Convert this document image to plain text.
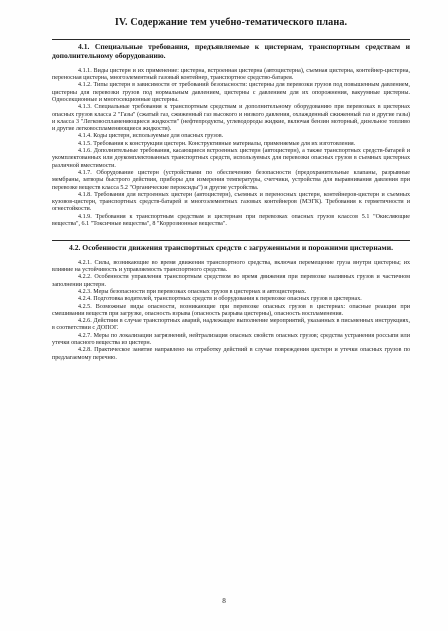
IV. Содержание тем учебно-тематического плана.

4.1. Специальные требования, предъявляемые к цистернам, транспортным средствам и дополнительному оборудованию.

4.1.1. Виды цистерн и их применение: цистерна, встроенная цистерна (автоцистерна), съемная цистерна, контейнер-цистерна, переносная цистерна, многоэлементный газовый контейнер, транспортное средство-батарея.

4.1.2. Типы цистерн в зависимости от требований безопасности: цистерны для перевозки грузов под повышенным давлением, цистерны для перевозки грузов под нормальным давлением, цистерны с давлением для их опорожнения, вакуумные цистерны. Односекционные и многосекционные цистерны.

4.1.3. Специальные требования к транспортным средствам и дополнительному оборудованию при перевозках в цистернах опасных грузов класса 2 "Газы" (сжатый газ, сжиженный газ высокого и низкого давления, охлажденный сжиженный газ и другие газы) и класса 3 "Легковоспламеняющиеся жидкости" (нефтепродукты, углеводороды жидкие, включая бензин моторный, дизельное топливо и другие легковоспламеняющиеся жидкости).

4.1.4. Коды цистерн, используемые для опасных грузов.

4.1.5. Требования к конструкции цистерн. Конструктивные материалы, применяемые для их изготовления.

4.1.6. Дополнительные требования, касающиеся встроенных цистерн (автоцистерн), а также транспортных средств-батарей и укомплектованных или доукомплектованных транспортных средств, используемых для перевозки опасных грузов в съемных цистернах различной вместимости.

4.1.7. Оборудование цистерн (устройствами по обеспечению безопасности (предохранительные клапаны, разрывные мембраны, затворы быстрого действия, приборы для измерения температуры, счетчики, устройства для выравнивания давления при перевозке веществ класса 5.2 "Органические пероксиды") и другие устройства.

4.1.8. Требования для встроенных цистерн (автоцистерн), съемных и переносных цистерн, контейнеров-цистерн и съемных кузовов-цистерн, транспортных средств-батарей и многоэлементных газовых контейнеров (МЭГК). Требования к герметичности и огнестойкости.

4.1.9. Требования к транспортным средствам и цистернам при перевозках опасных грузов классов 5.1 "Окисляющие вещества", 6.1 "Токсичные вещества", 8 "Коррозионные вещества".

4.2. Особенности движения транспортных средств с загруженными и порожними цистернами.

4.2.1. Силы, возникающие во время движения транспортного средства, включая перемещение груза внутри цистерны; их влияние на устойчивость и управляемость транспортного средства.

4.2.2. Особенности управления транспортным средством во время движения при перевозке наливных грузов и частичном заполнении цистерн.

4.2.3. Меры безопасности при перевозках опасных грузов в цистернах и автоцистернах.

4.2.4. Подготовка водителей, транспортных средств и оборудования к перевозке опасных грузов в цистернах.

4.2.5. Возможные виды опасности, возникающие при перевозке опасных грузов в цистернах: опасные реакции при смешивании веществ при загрузке, опасность взрыва (опасность разрыва цистерны), опасность воспламенения.

4.2.6. Действия в случае транспортных аварий, надлежащее выполнение мероприятий, указанных в письменных инструкциях, в соответствии с ДОПОГ.

4.2.7. Меры по локализации загрязнений, нейтрализация опасных свойств опасных грузов; средства устранения россыпи или утечки опасного вещества из цистерн.

4.2.8. Практическое занятие направлено на отработку действий в случае повреждения цистерн и утечки опасных грузов по предлагаемому перечню.

8
